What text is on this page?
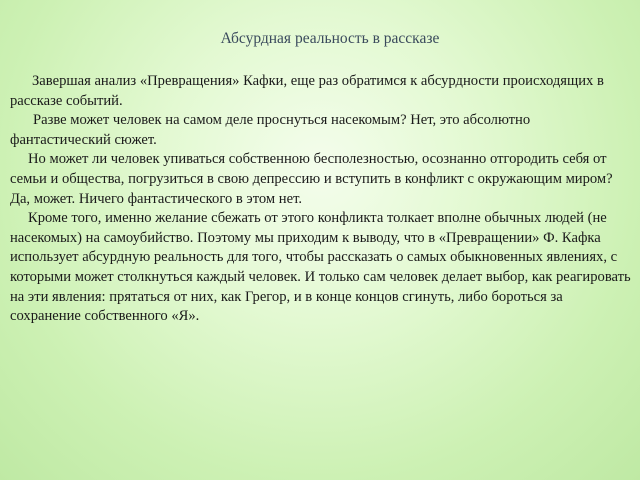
Абсурдная реальность в рассказе

Завершая анализ «Превращения» Кафки, еще раз обратимся к абсурдности происходящих в рассказе событий.

Разве может человек на самом деле проснуться насекомым? Нет, это абсолютно фантастический сюжет.

Но может ли человек упиваться собственною бесполезностью, осознанно отгородить себя от семьи и общества, погрузиться в свою депрессию и вступить в конфликт с окружающим миром? Да, может. Ничего фантастического в этом нет.

Кроме того, именно желание сбежать от этого конфликта толкает вполне обычных людей (не насекомых) на самоубийство. Поэтому мы приходим к выводу, что в «Превращении» Ф. Кафка использует абсурдную реальность для того, чтобы рассказать о самых обыкновенных явлениях, с которыми может столкнуться каждый человек. И только сам человек делает выбор, как реагировать на эти явления: прятаться от них, как Грегор, и в конце концов сгинуть, либо бороться за сохранение собственного «Я».
